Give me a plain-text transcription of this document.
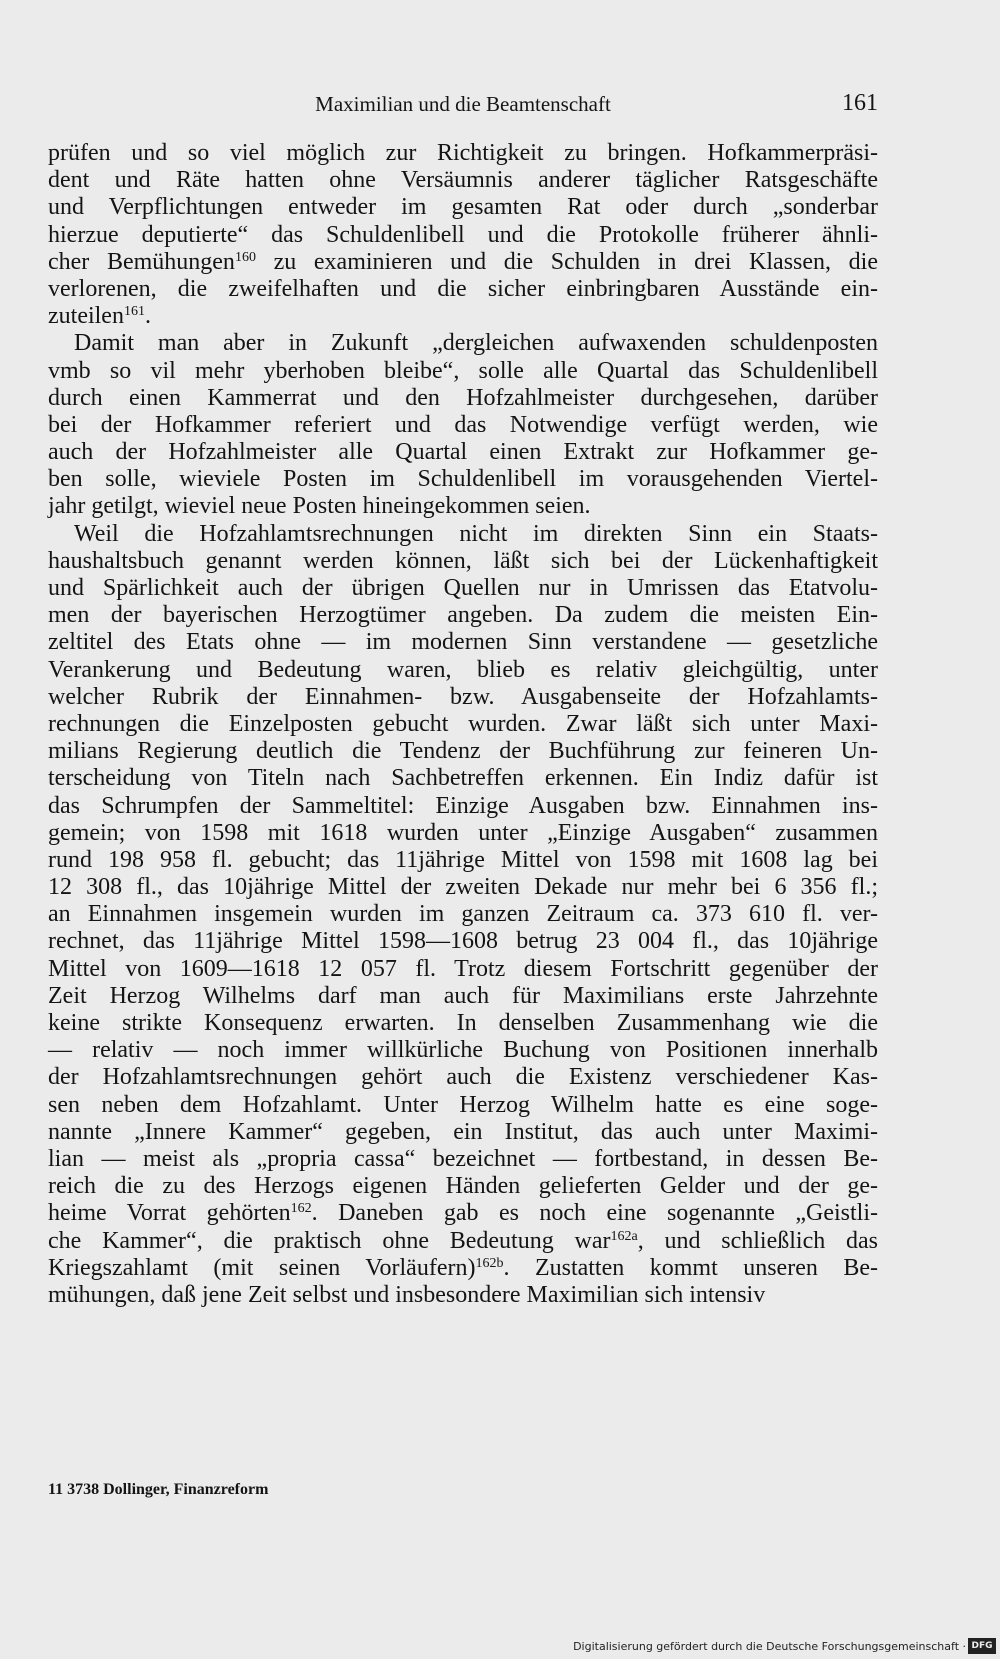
Maximilian und die Beamtenschaft	161
prüfen und so viel möglich zur Richtigkeit zu bringen. Hofkammerpräsi-
dent und Räte hatten ohne Versäumnis anderer täglicher Ratsgeschäfte
und Verpflichtungen entweder im gesamten Rat oder durch „sonderbar
hierzue deputierte“ das Schuldenlibell und die Protokolle früherer ähnli-
cher Bemühungen$^{160}$ zu examinieren und die Schulden in drei Klassen, die
verlorenen, die zweifelhaften und die sicher einbringbaren Ausstände ein-
zuteilen$^{161}$.
Damit man aber in Zukunft „dergleichen aufwaxenden schuldenposten
vmb so vil mehr yberhoben bleibe“, solle alle Quartal das Schuldenlibell
durch einen Kammerrat und den Hofzahlmeister durchgesehen, darüber
bei der Hofkammer referiert und das Notwendige verfügt werden, wie
auch der Hofzahlmeister alle Quartal einen Extrakt zur Hofkammer ge-
ben solle, wieviele Posten im Schuldenlibell im vorausgehenden Viertel-
jahr getilgt, wieviel neue Posten hineingekommen seien.
Weil die Hofzahlamtsrechnungen nicht im direkten Sinn ein Staats-
haushaltsbuch genannt werden können, läßt sich bei der Lückenhaftigkeit
und Spärlichkeit auch der übrigen Quellen nur in Umrissen das Etatvolu-
men der bayerischen Herzogtümer angeben. Da zudem die meisten Ein-
zeltitel des Etats ohne — im modernen Sinn verstandene — gesetzliche
Verankerung und Bedeutung waren, blieb es relativ gleichgültig, unter
welcher Rubrik der Einnahmen- bzw. Ausgabenseite der Hofzahlamts-
rechnungen die Einzelposten gebucht wurden. Zwar läßt sich unter Maxi-
milians Regierung deutlich die Tendenz der Buchführung zur feineren Un-
terscheidung von Titeln nach Sachbetreffen erkennen. Ein Indiz dafür ist
das Schrumpfen der Sammeltitel: Einzige Ausgaben bzw. Einnahmen ins-
gemein; von 1598 mit 1618 wurden unter „Einzige Ausgaben“ zusammen
rund 198 958 fl. gebucht; das 11jährige Mittel von 1598 mit 1608 lag bei
12 308 fl., das 10jährige Mittel der zweiten Dekade nur mehr bei 6 356 fl.;
an Einnahmen insgemein wurden im ganzen Zeitraum ca. 373 610 fl. ver-
rechnet, das 11jährige Mittel 1598—1608 betrug 23 004 fl., das 10jährige
Mittel von 1609—1618 12 057 fl. Trotz diesem Fortschritt gegenüber der
Zeit Herzog Wilhelms darf man auch für Maximilians erste Jahrzehnte
keine strikte Konsequenz erwarten. In denselben Zusammenhang wie die
— relativ — noch immer willkürliche Buchung von Positionen innerhalb
der Hofzahlamtsrechnungen gehört auch die Existenz verschiedener Kas-
sen neben dem Hofzahlamt. Unter Herzog Wilhelm hatte es eine soge-
nannte „Innere Kammer“ gegeben, ein Institut, das auch unter Maximi-
lian — meist als „propria cassa“ bezeichnet — fortbestand, in dessen Be-
reich die zu des Herzogs eigenen Händen gelieferten Gelder und der ge-
heime Vorrat gehörten$^{162}$. Daneben gab es noch eine sogenannte „Geistli-
che Kammer“, die praktisch ohne Bedeutung war$^{162a}$, und schließlich das
Kriegszahlamt (mit seinen Vorläufern)$^{162b}$. Zustatten kommt unseren Be-
mühungen, daß jene Zeit selbst und insbesondere Maximilian sich intensiv
11 3738 Dollinger, Finanzreform
Digitalisierung gefördert durch die Deutsche Forschungsgemeinschaft · DFG
